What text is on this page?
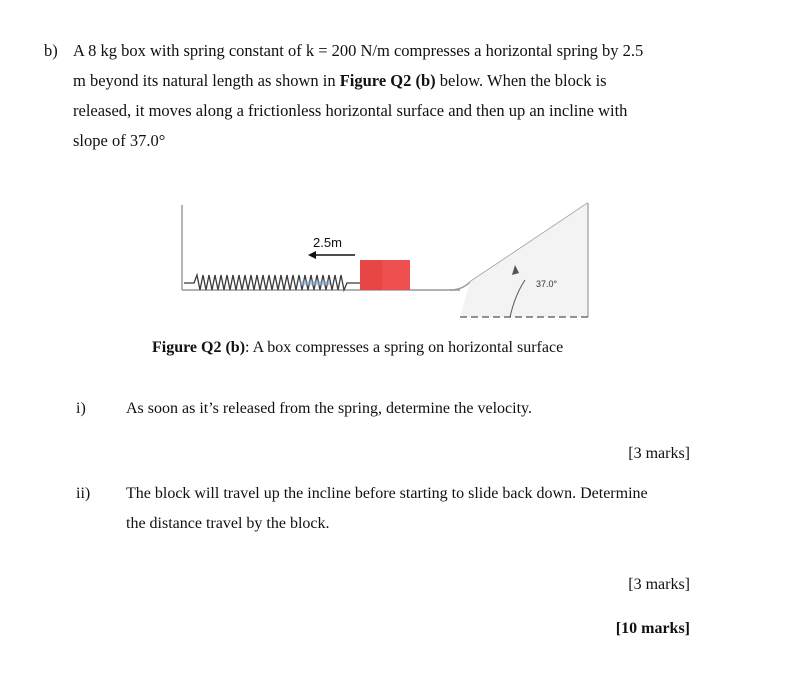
b) A 8 kg box with spring constant of k = 200 N/m compresses a horizontal spring by 2.5
m beyond its natural length as shown in Figure Q2 (b) below. When the block is
released, it moves along a frictionless horizontal surface and then up an incline with
slope of 37.0°
2.5m
37.0°
Figure Q2 (b): A box compresses a spring on horizontal surface
i)	As soon as it’s released from the spring, determine the velocity.
[3 marks]
ii) The block will travel up the incline before starting to slide back down. Determine
the distance travel by the block.
[3 marks]
[10 marks]
